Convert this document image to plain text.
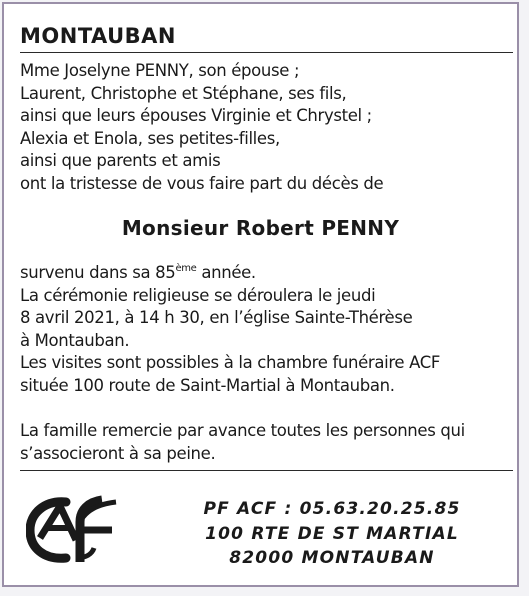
MONTAUBAN
Mme Joselyne PENNY, son épouse ;
Laurent, Christophe et Stéphane, ses fils,
ainsi que leurs épouses Virginie et Chrystel ;
Alexia et Enola, ses petites-filles,
ainsi que parents et amis
ont la tristesse de vous faire part du décès de
Monsieur Robert PENNY
survenu dans sa 85ème année.
La cérémonie religieuse se déroulera le jeudi
8 avril 2021, à 14 h 30, en l’église Sainte-Thérèse
à Montauban.
Les visites sont possibles à la chambre funéraire ACF
située 100 route de Saint-Martial à Montauban.
La famille remercie par avance toutes les personnes qui
s’associeront à sa peine.
PF ACF : 05.63.20.25.85
100 RTE DE ST MARTIAL
82000 MONTAUBAN
